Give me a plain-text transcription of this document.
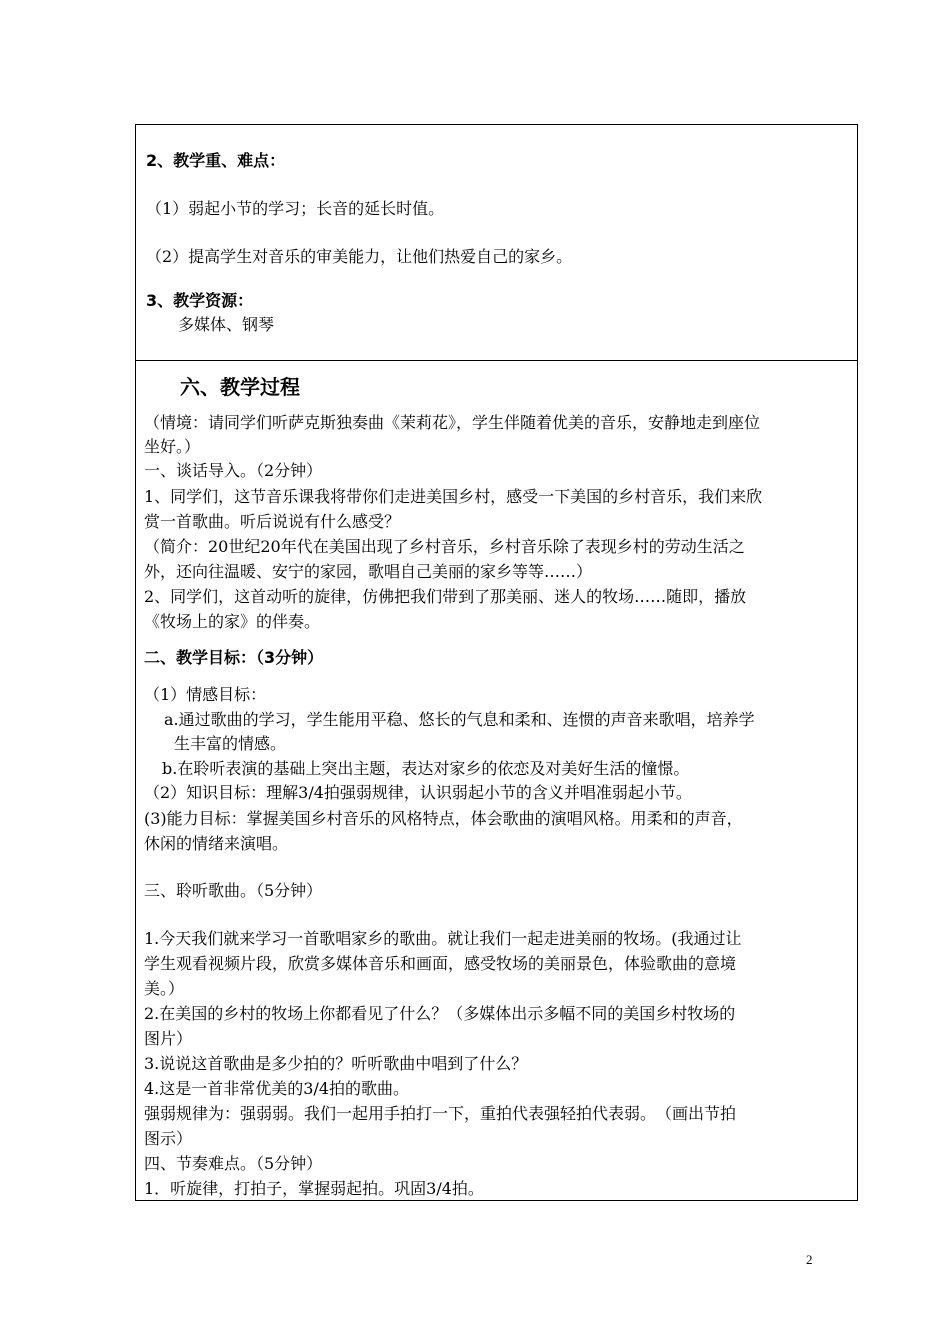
2、教学重、难点：
（1）弱起小节的学习；长音的延长时值。
（2）提高学生对音乐的审美能力，让他们热爱自己的家乡。
3、教学资源：
多媒体、钢琴
六、教学过程
（情境：请同学们听萨克斯独奏曲《茉莉花》，学生伴随着优美的音乐，安静地走到座位
坐好。）
一、谈话导入。（2分钟）
1、同学们，这节音乐课我将带你们走进美国乡村，感受一下美国的乡村音乐，我们来欣
赏一首歌曲。听后说说有什么感受？
（简介：20世纪20年代在美国出现了乡村音乐，乡村音乐除了表现乡村的劳动生活之
外，还向往温暖、安宁的家园，歌唱自己美丽的家乡等等……）
2、同学们，这首动听的旋律，仿佛把我们带到了那美丽、迷人的牧场……随即，播放
《牧场上的家》的伴奏。
二、教学目标：（3分钟）
（1）情感目标：
a.通过歌曲的学习，学生能用平稳、悠长的气息和柔和、连惯的声音来歌唱，培养学
生丰富的情感。
b.在聆听表演的基础上突出主题，表达对家乡的依恋及对美好生活的憧憬。
（2）知识目标：理解3/4拍强弱规律，认识弱起小节的含义并唱准弱起小节。
(3)能力目标：掌握美国乡村音乐的风格特点，体会歌曲的演唱风格。用柔和的声音，
休闲的情绪来演唱。
三、聆听歌曲。（5分钟）
1.今天我们就来学习一首歌唱家乡的歌曲。就让我们一起走进美丽的牧场。(我通过让
学生观看视频片段，欣赏多媒体音乐和画面，感受牧场的美丽景色，体验歌曲的意境
美。）
2.在美国的乡村的牧场上你都看见了什么？（多媒体出示多幅不同的美国乡村牧场的
图片）
3.说说这首歌曲是多少拍的？听听歌曲中唱到了什么？
4.这是一首非常优美的3/4拍的歌曲。
强弱规律为：强弱弱。我们一起用手拍打一下，重拍代表强轻拍代表弱。　（画出节拍
图示）
四、节奏难点。（5分钟）
1．听旋律，打拍子，掌握弱起拍。巩固3/4拍。
2
